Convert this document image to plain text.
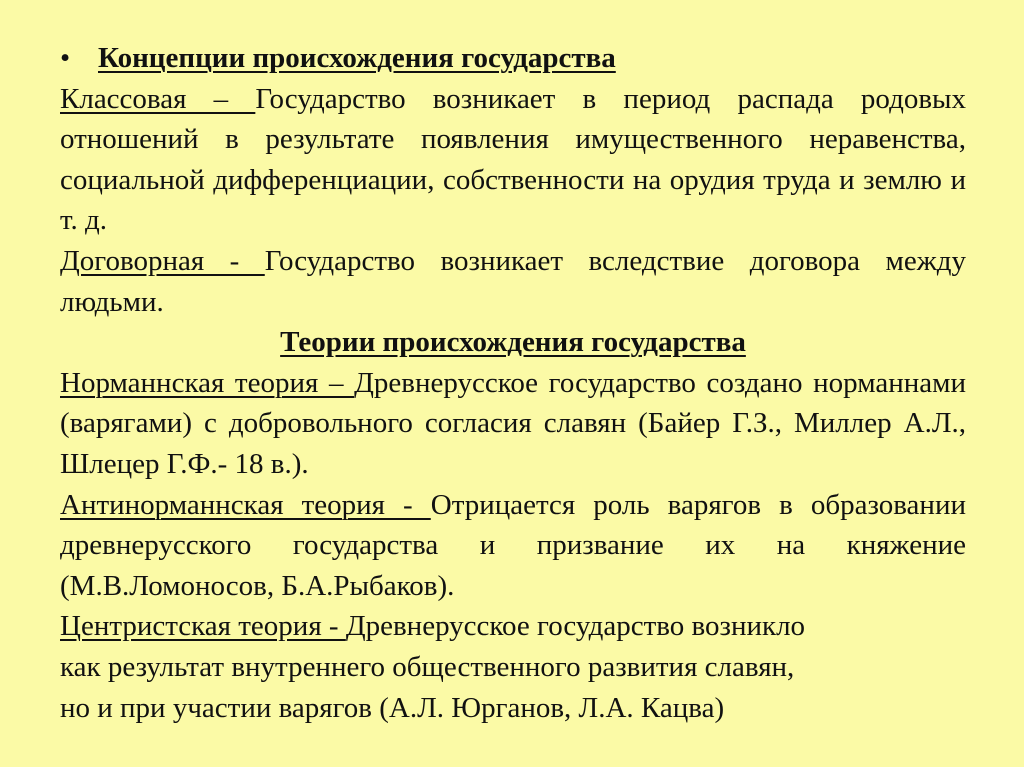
• Концепции происхождения государства

Классовая – Государство возникает в период распада родовых отношений в результате появления имущественного неравенства, социальной дифференциации, собственности на орудия труда и землю и т. д.

Договорная - Государство возникает вследствие договора между людьми.

Теории происхождения государства

Норманнская теория – Древнерусское государство создано норманнами (варягами) с добровольного согласия славян (Байер Г.З., Миллер А.Л., Шлецер Г.Ф.- 18 в.).

Антинорманнская теория - Отрицается роль варягов в образовании древнерусского государства и призвание их на княжение (М.В.Ломоносов, Б.А.Рыбаков).

Центристская теория - Древнерусское государство возникло
как результат внутреннего общественного развития славян,
но и при участии варягов (А.Л. Юрганов, Л.А. Кацва)
